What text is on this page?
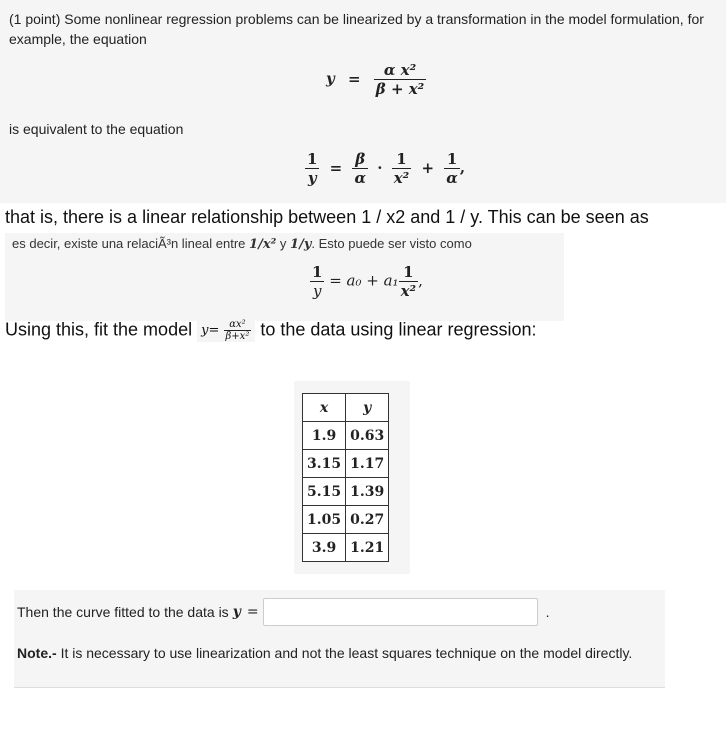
(1 point) Some nonlinear regression problems can be linearized by a transformation in the model formulation, for example, the equation
$y = \frac{\text{α x²}}{\text{β + x²}}$
is equivalent to the equation
$\frac{1}{y} = \frac{\beta}{\alpha} \cdot \frac{1}{\text{x²}} + \frac{1}{\alpha}$ ,
that is, there is a linear relationship between 1 / x2 and 1 / y. This can be seen as
es decir, existe una relaciÃ³n lineal entre 1/x² y 1/y. Esto puede ser visto como
$\frac{1}{y} = a_0 + a_1 \frac{1}{\text{x²}}$ ,
Using this, fit the model $y= \frac{\text{αx²}}{\text{β+x²}}$ to the data using linear regression:
x	y
1.9	0.63
3.15	1.17
5.15	1.39
1.05	0.27
3.9	1.21
Then the curve fitted to the data is y =	.
Note.- It is necessary to use linearization and not the least squares technique on the model directly.
